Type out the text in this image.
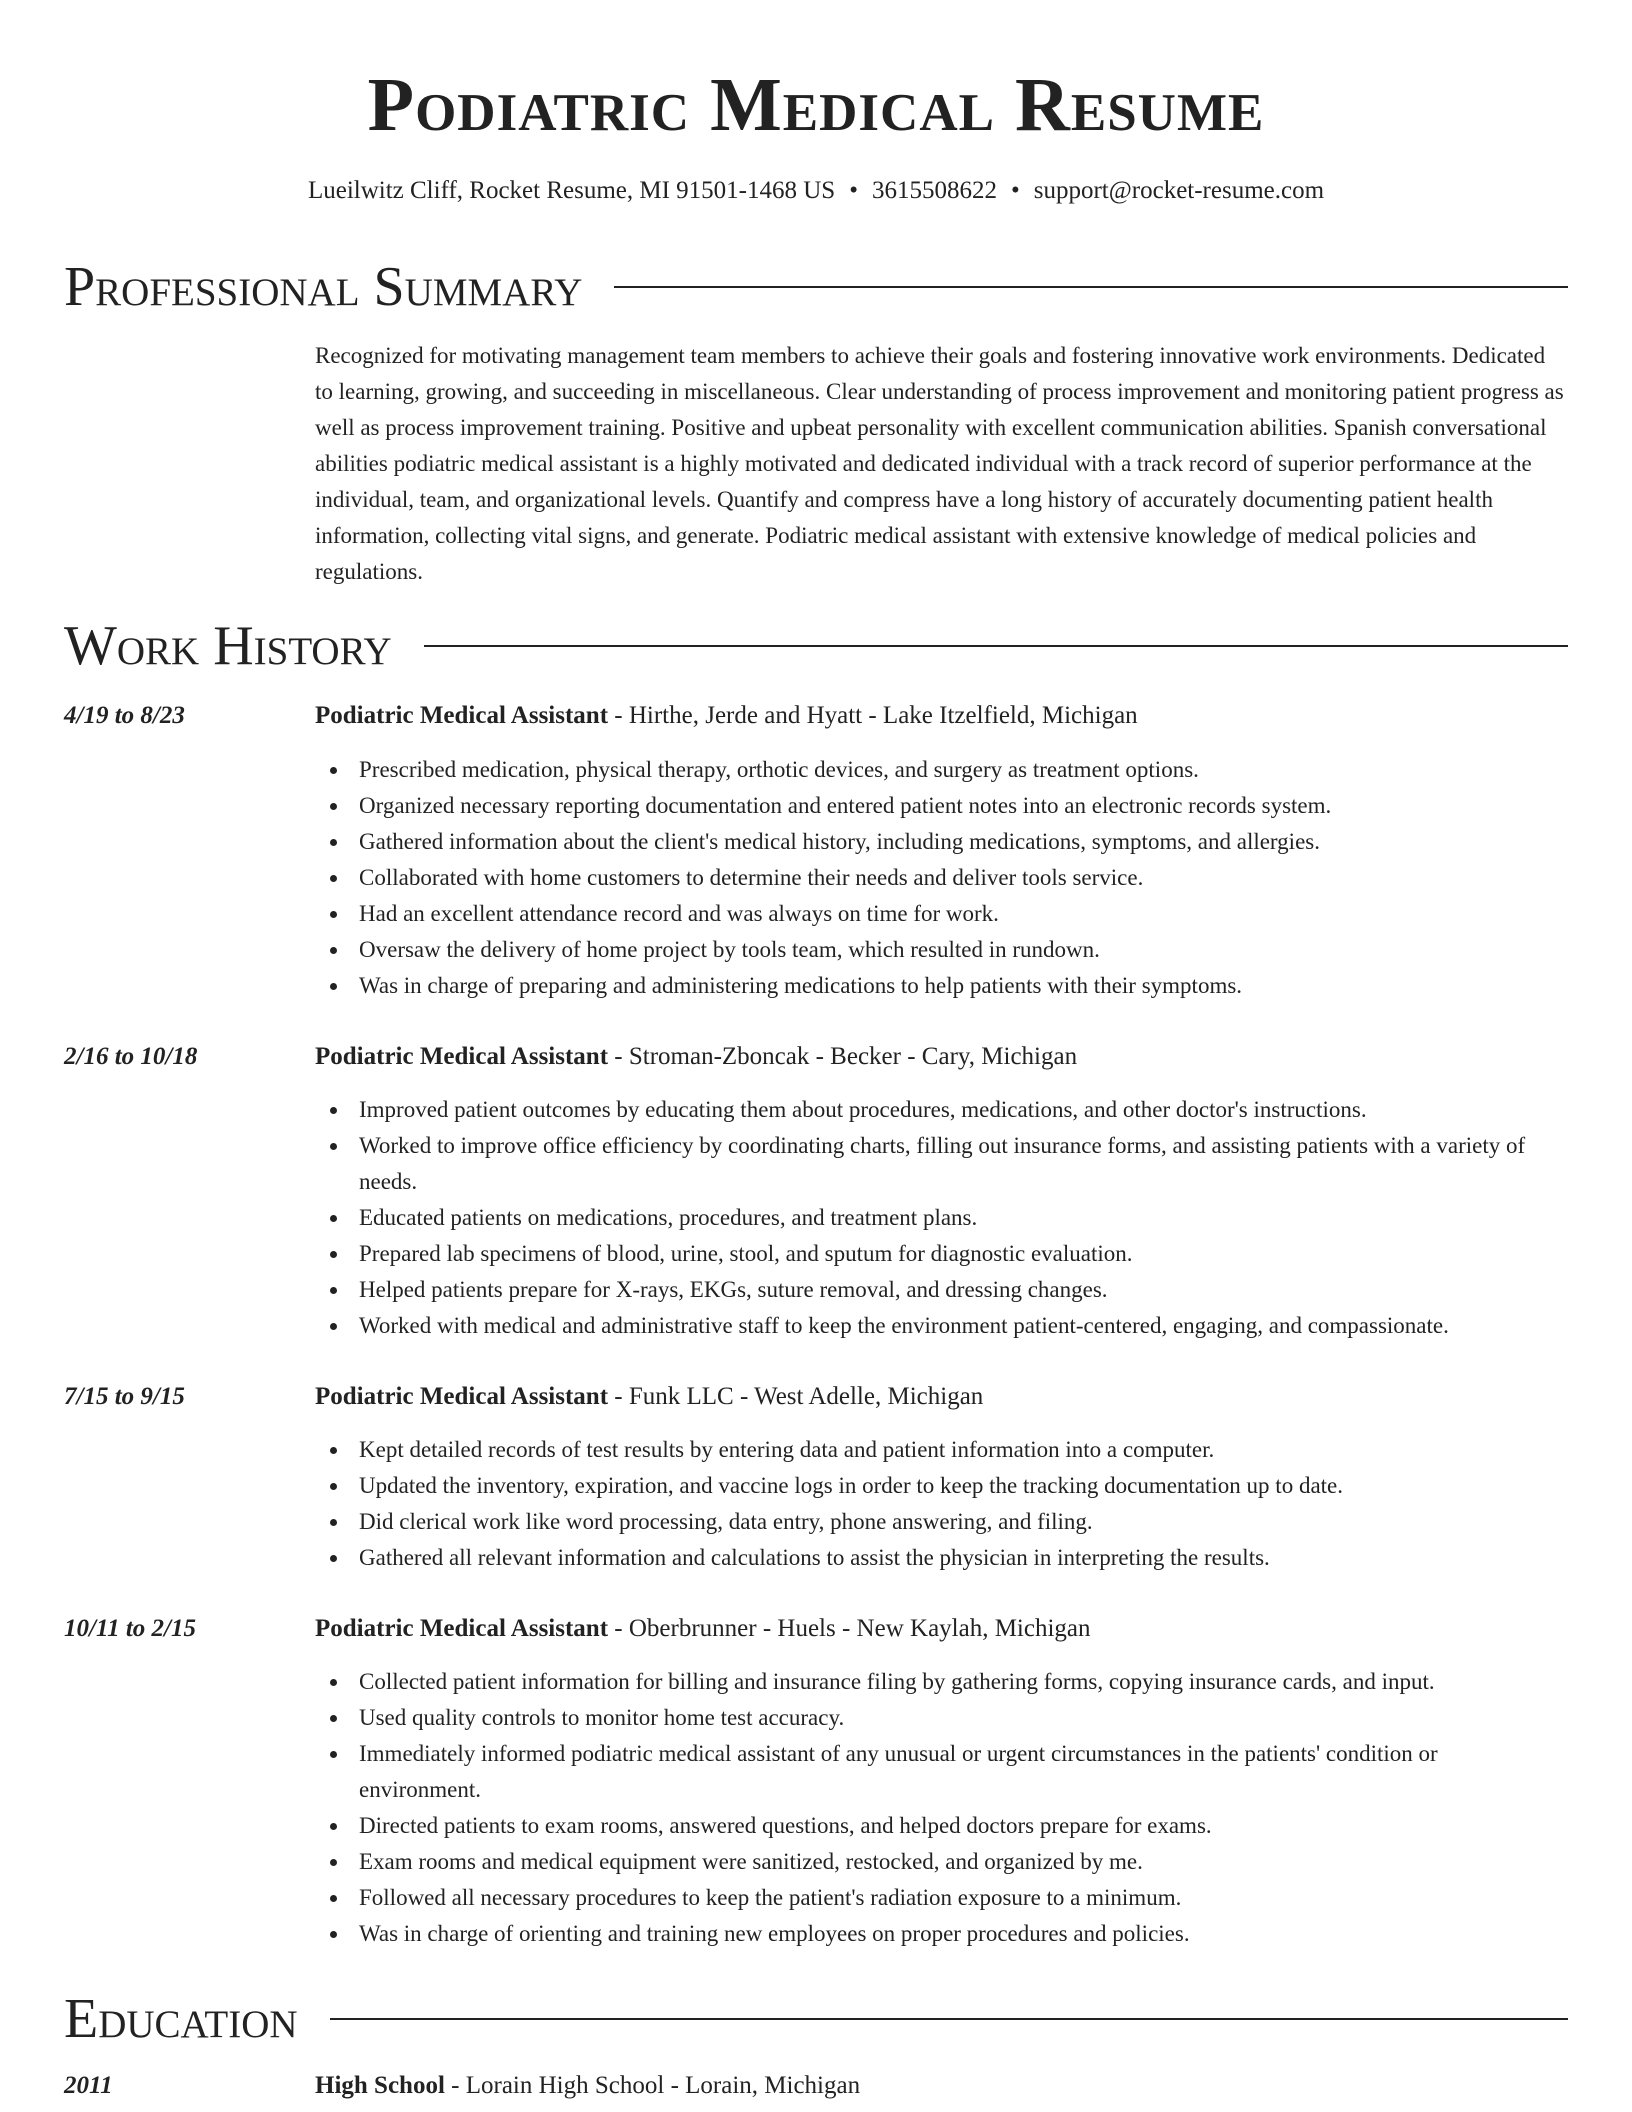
Podiatric Medical Resume
Lueilwitz Cliff, Rocket Resume, MI 91501-1468 US • 3615508622 • support@rocket-resume.com
Professional Summary

Recognized for motivating management team members to achieve their goals and fostering innovative work environments. Dedicated to learning, growing, and succeeding in miscellaneous. Clear understanding of process improvement and monitoring patient progress as well as process improvement training. Positive and upbeat personality with excellent communication abilities. Spanish conversational abilities podiatric medical assistant is a highly motivated and dedicated individual with a track record of superior performance at the individual, team, and organizational levels. Quantify and compress have a long history of accurately documenting patient health information, collecting vital signs, and generate. Podiatric medical assistant with extensive knowledge of medical policies and regulations.

Work History
4/19 to 8/23	Podiatric Medical Assistant - Hirthe, Jerde and Hyatt - Lake Itzelfield, Michigan
Prescribed medication, physical therapy, orthotic devices, and surgery as treatment options.
Organized necessary reporting documentation and entered patient notes into an electronic records system.
Gathered information about the client's medical history, including medications, symptoms, and allergies.
Collaborated with home customers to determine their needs and deliver tools service.
Had an excellent attendance record and was always on time for work.
Oversaw the delivery of home project by tools team, which resulted in rundown.
Was in charge of preparing and administering medications to help patients with their symptoms.
2/16 to 10/18	Podiatric Medical Assistant - Stroman-Zboncak - Becker - Cary, Michigan
Improved patient outcomes by educating them about procedures, medications, and other doctor's instructions.
Worked to improve office efficiency by coordinating charts, filling out insurance forms, and assisting patients with a variety of needs.
Educated patients on medications, procedures, and treatment plans.
Prepared lab specimens of blood, urine, stool, and sputum for diagnostic evaluation.
Helped patients prepare for X-rays, EKGs, suture removal, and dressing changes.
Worked with medical and administrative staff to keep the environment patient-centered, engaging, and compassionate.
7/15 to 9/15	Podiatric Medical Assistant - Funk LLC - West Adelle, Michigan
Kept detailed records of test results by entering data and patient information into a computer.
Updated the inventory, expiration, and vaccine logs in order to keep the tracking documentation up to date.
Did clerical work like word processing, data entry, phone answering, and filing.
Gathered all relevant information and calculations to assist the physician in interpreting the results.
10/11 to 2/15	Podiatric Medical Assistant - Oberbrunner - Huels - New Kaylah, Michigan
Collected patient information for billing and insurance filing by gathering forms, copying insurance cards, and input.
Used quality controls to monitor home test accuracy.
Immediately informed podiatric medical assistant of any unusual or urgent circumstances in the patients' condition or environment.
Directed patients to exam rooms, answered questions, and helped doctors prepare for exams.
Exam rooms and medical equipment were sanitized, restocked, and organized by me.
Followed all necessary procedures to keep the patient's radiation exposure to a minimum.
Was in charge of orienting and training new employees on proper procedures and policies.
Education
2011	High School - Lorain High School - Lorain, Michigan
